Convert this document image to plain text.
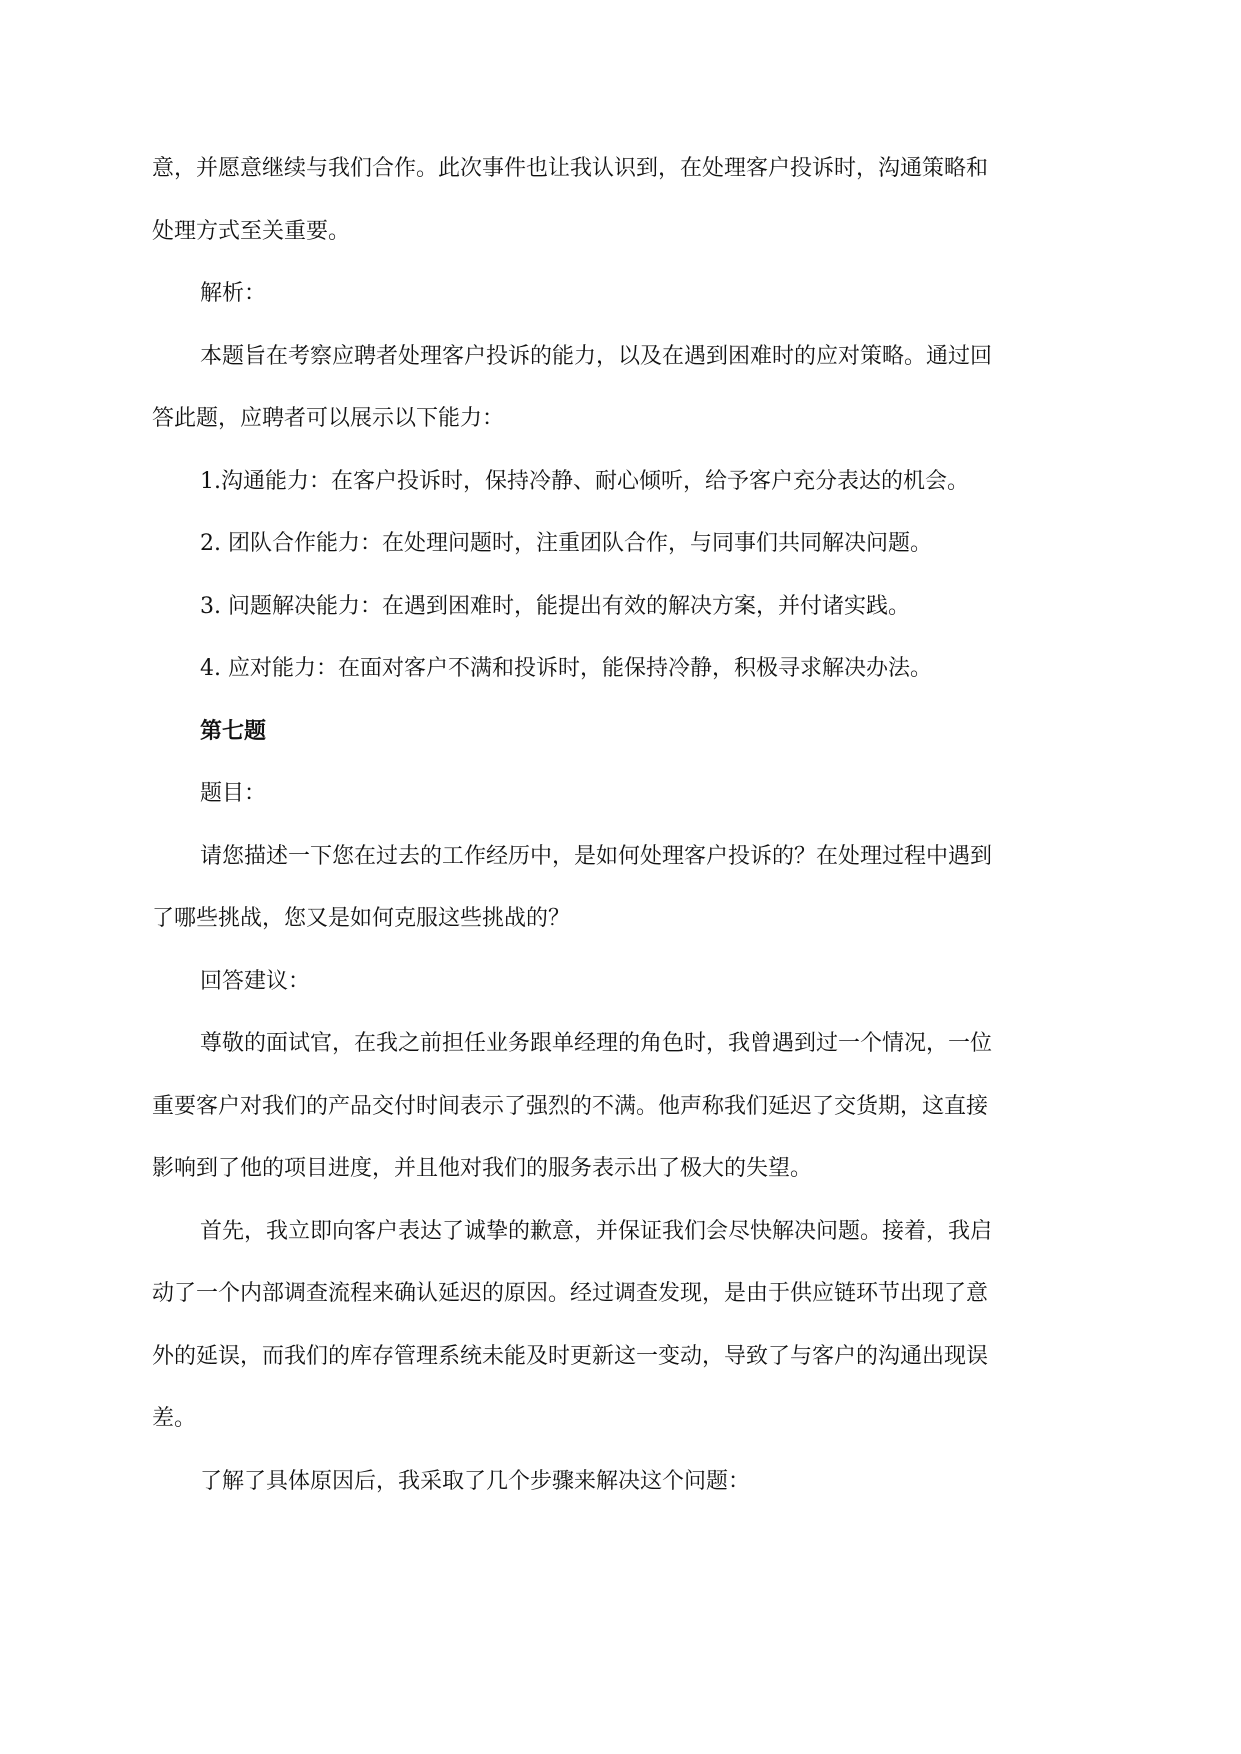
意，并愿意继续与我们合作。此次事件也让我认识到，在处理客户投诉时，沟通策略和
处理方式至关重要。
解析：
本题旨在考察应聘者处理客户投诉的能力，以及在遇到困难时的应对策略。通过回
答此题，应聘者可以展示以下能力：
1.沟通能力：在客户投诉时，保持冷静、耐心倾听，给予客户充分表达的机会。
2. 团队合作能力：在处理问题时，注重团队合作，与同事们共同解决问题。
3. 问题解决能力：在遇到困难时，能提出有效的解决方案，并付诸实践。
4. 应对能力：在面对客户不满和投诉时，能保持冷静，积极寻求解决办法。
第七题
题目：
请您描述一下您在过去的工作经历中，是如何处理客户投诉的？在处理过程中遇到
了哪些挑战，您又是如何克服这些挑战的？
回答建议：
尊敬的面试官，在我之前担任业务跟单经理的角色时，我曾遇到过一个情况，一位
重要客户对我们的产品交付时间表示了强烈的不满。他声称我们延迟了交货期，这直接
影响到了他的项目进度，并且他对我们的服务表示出了极大的失望。
首先，我立即向客户表达了诚挚的歉意，并保证我们会尽快解决问题。接着，我启
动了一个内部调查流程来确认延迟的原因。经过调查发现，是由于供应链环节出现了意
外的延误，而我们的库存管理系统未能及时更新这一变动，导致了与客户的沟通出现误
差。
了解了具体原因后，我采取了几个步骤来解决这个问题：
